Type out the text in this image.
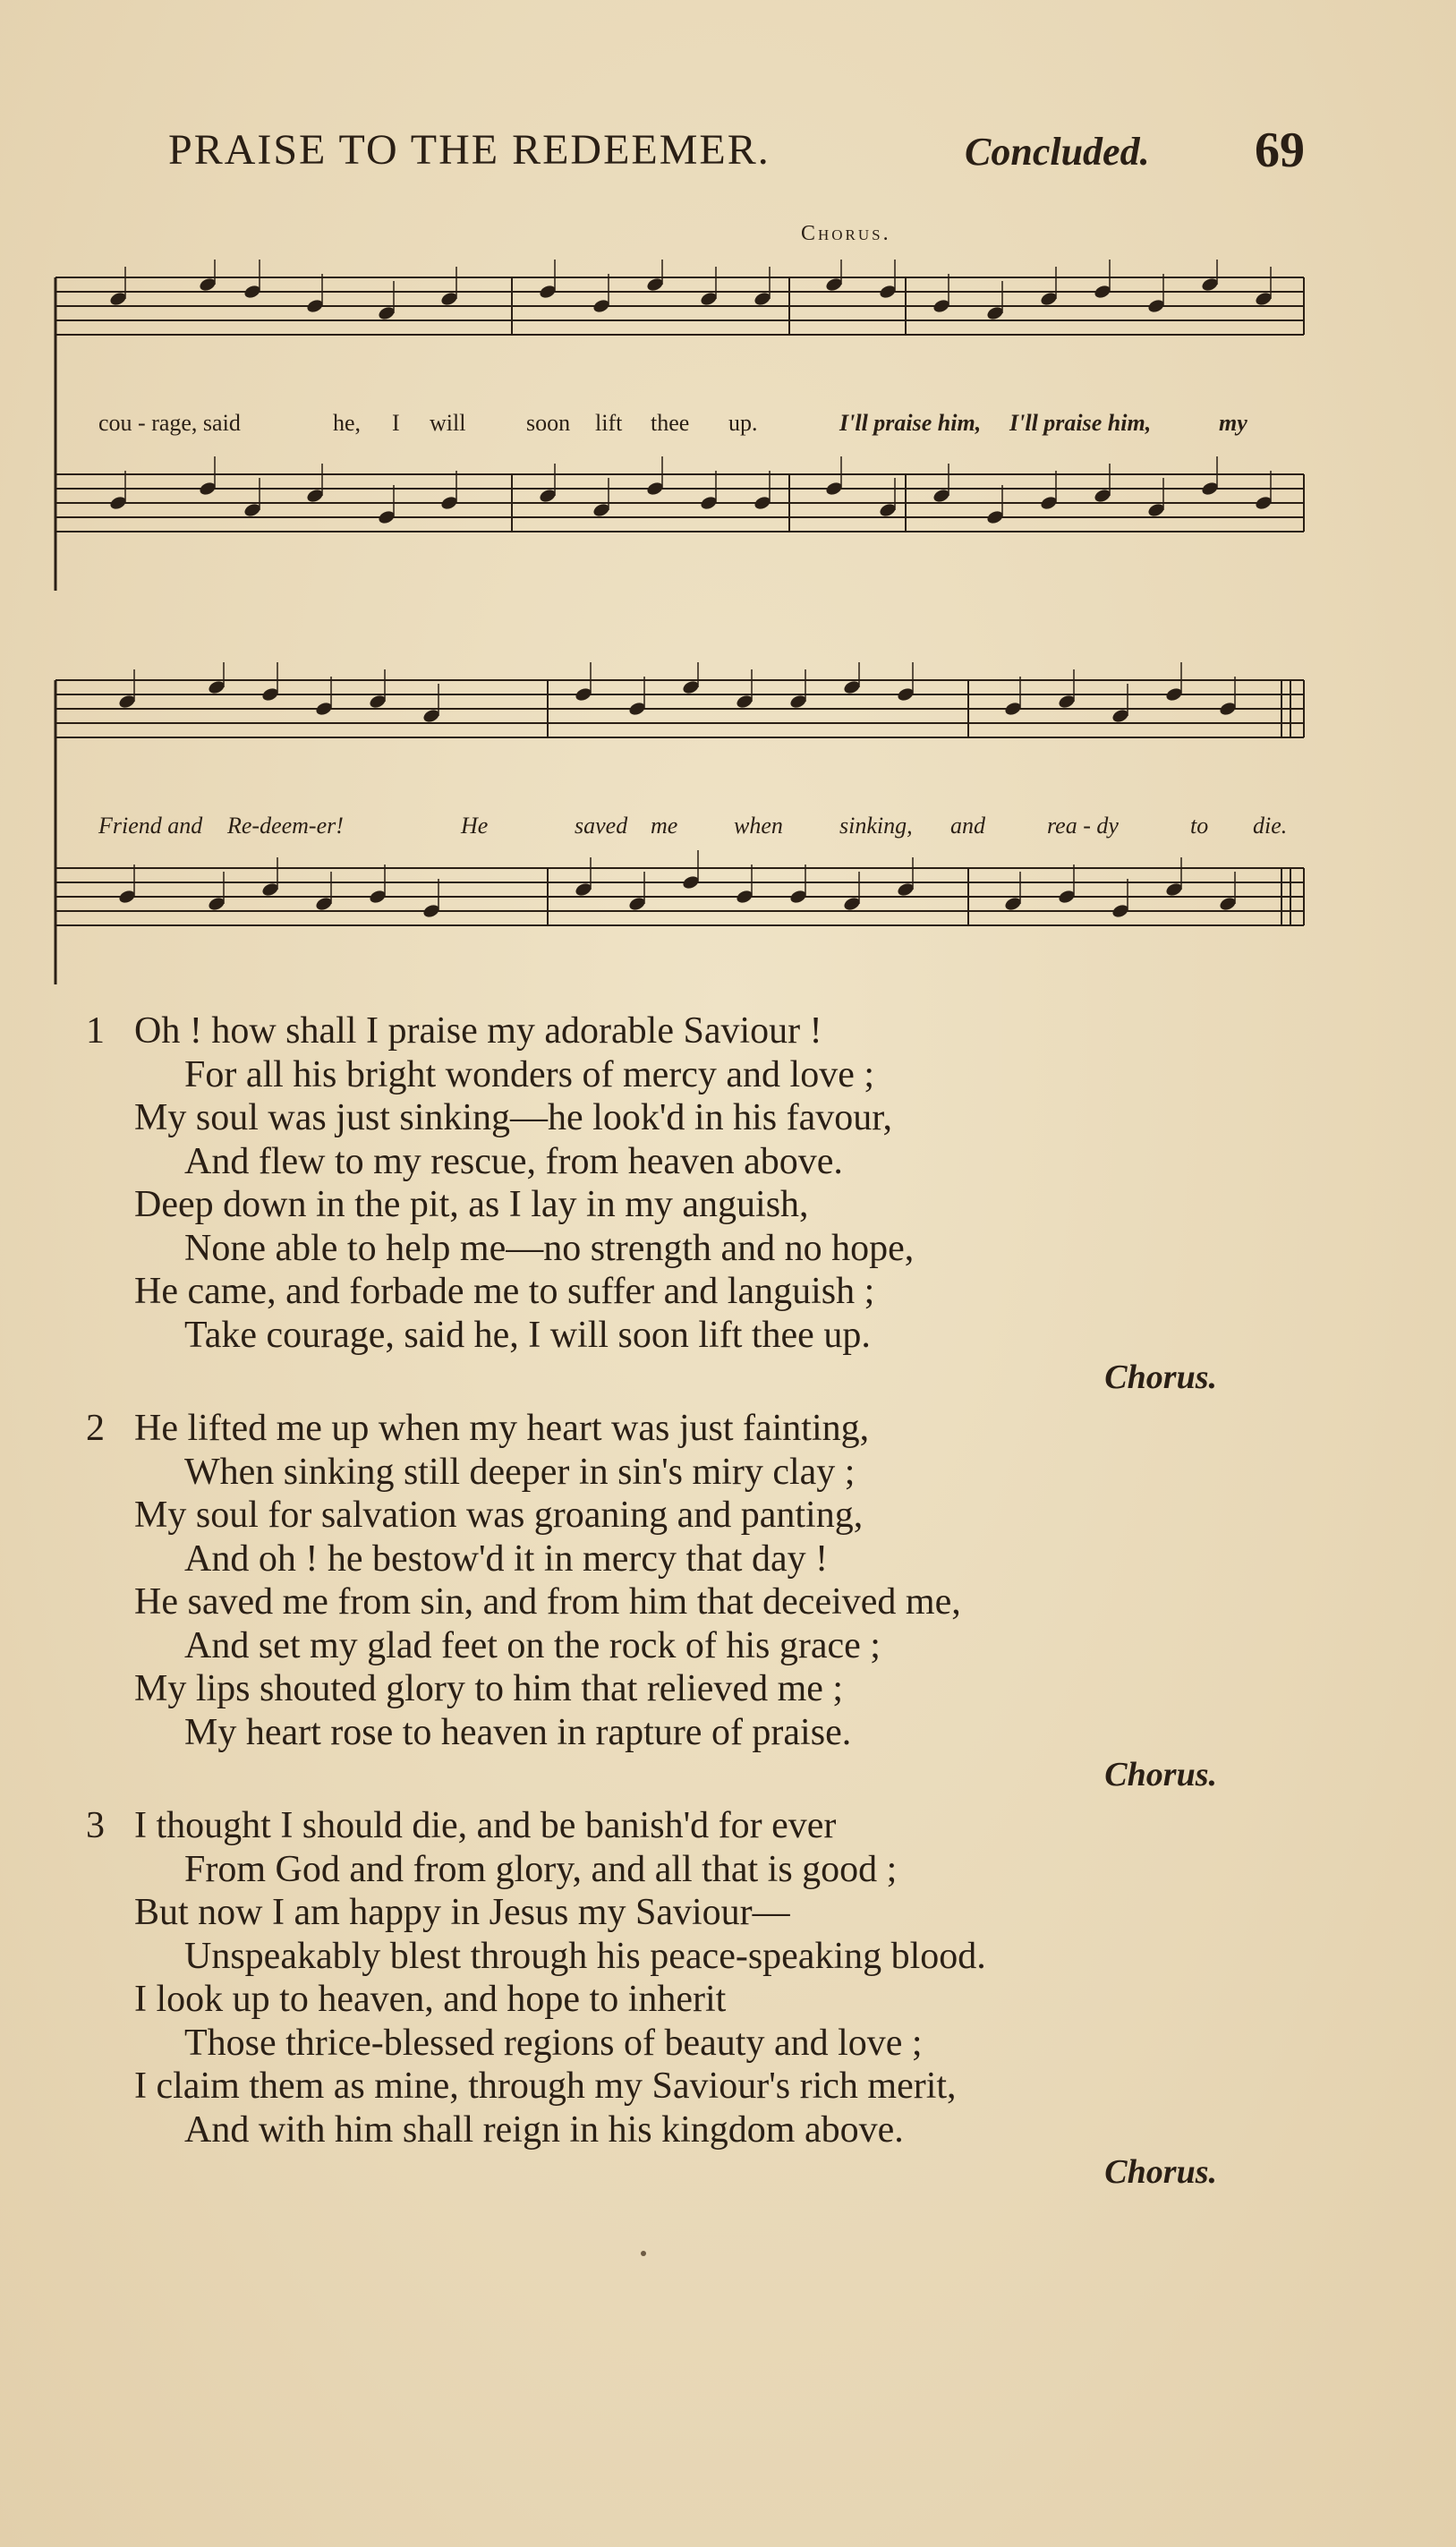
PRAISE TO THE REDEEMER.	Concluded. 69
Chorus.
cou - rage, said	he, I will	soon lift thee up.	I'll praise him, I'll praise him,	my
Friend and Re-deem-er!	He	saved me when sinking, and	rea - dy	to die.
1 Oh ! how shall I praise my adorable Saviour !
For all his bright wonders of mercy and love ;
My soul was just sinking—he look'd in his favour,
And flew to my rescue, from heaven above.
Deep down in the pit, as I lay in my anguish,
None able to help me—no strength and no hope,
He came, and forbade me to suffer and languish ;
Take courage, said he, I will soon lift thee up.
Chorus.
2 He lifted me up when my heart was just fainting,
When sinking still deeper in sin's miry clay ;
My soul for salvation was groaning and panting,
And oh ! he bestow'd it in mercy that day !
He saved me from sin, and from him that deceived me,
And set my glad feet on the rock of his grace ;
My lips shouted glory to him that relieved me ;
My heart rose to heaven in rapture of praise.
Chorus.
3 I thought I should die, and be banish'd for ever
From God and from glory, and all that is good ;
But now I am happy in Jesus my Saviour—
Unspeakably blest through his peace-speaking blood.
I look up to heaven, and hope to inherit
Those thrice-blessed regions of beauty and love ;
I claim them as mine, through my Saviour's rich merit,
And with him shall reign in his kingdom above.
Chorus.
